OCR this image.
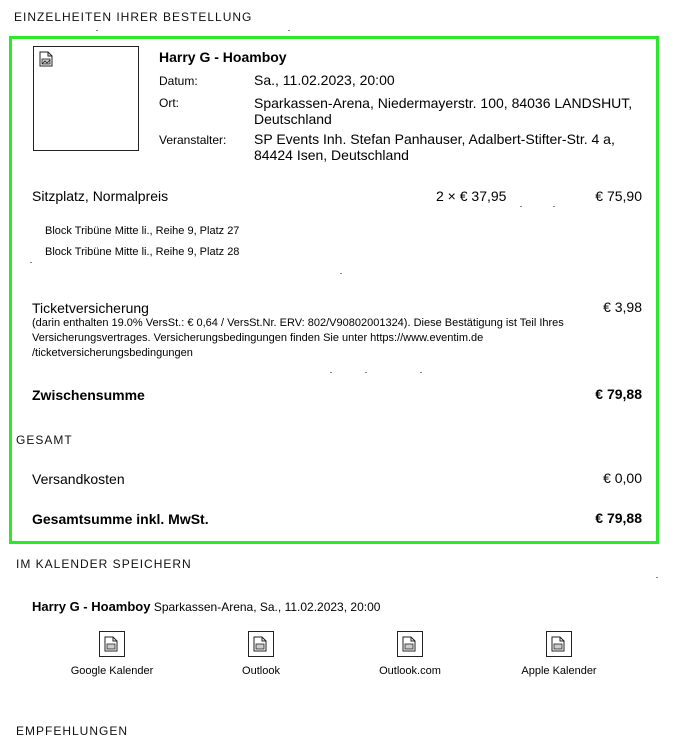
EINZELHEITEN IHRER BESTELLUNG
Harry G - Hoamboy
Datum:	Sa., 11.02.2023, 20:00
Ort:	Sparkassen-Arena, Niedermayerstr. 100, 84036 LANDSHUT, Deutschland
Veranstalter: SP Events Inh. Stefan Panhauser, Adalbert-Stifter-Str. 4 a, 84424 Isen, Deutschland
Sitzplatz, Normalpreis	2 × € 37,95	€ 75,90
Block Tribüne Mitte li., Reihe 9, Platz 27
Block Tribüne Mitte li., Reihe 9, Platz 28
Ticketversicherung	€ 3,98
(darin enthalten 19.0% VersSt.: € 0,64 / VersSt.Nr. ERV: 802/V90802001324). Diese Bestätigung ist Teil Ihres Versicherungsvertrages. Versicherungsbedingungen finden Sie unter https://www.eventim.de /ticketversicherungsbedingungen
Zwischensumme	€ 79,88
GESAMT
Versandkosten	€ 0,00
Gesamtsumme inkl. MwSt.	€ 79,88
IM KALENDER SPEICHERN
Harry G - Hoamboy Sparkassen-Arena, Sa., 11.02.2023, 20:00
Google Kalender	Outlook	Outlook.com	Apple Kalender
EMPFEHLUNGEN
